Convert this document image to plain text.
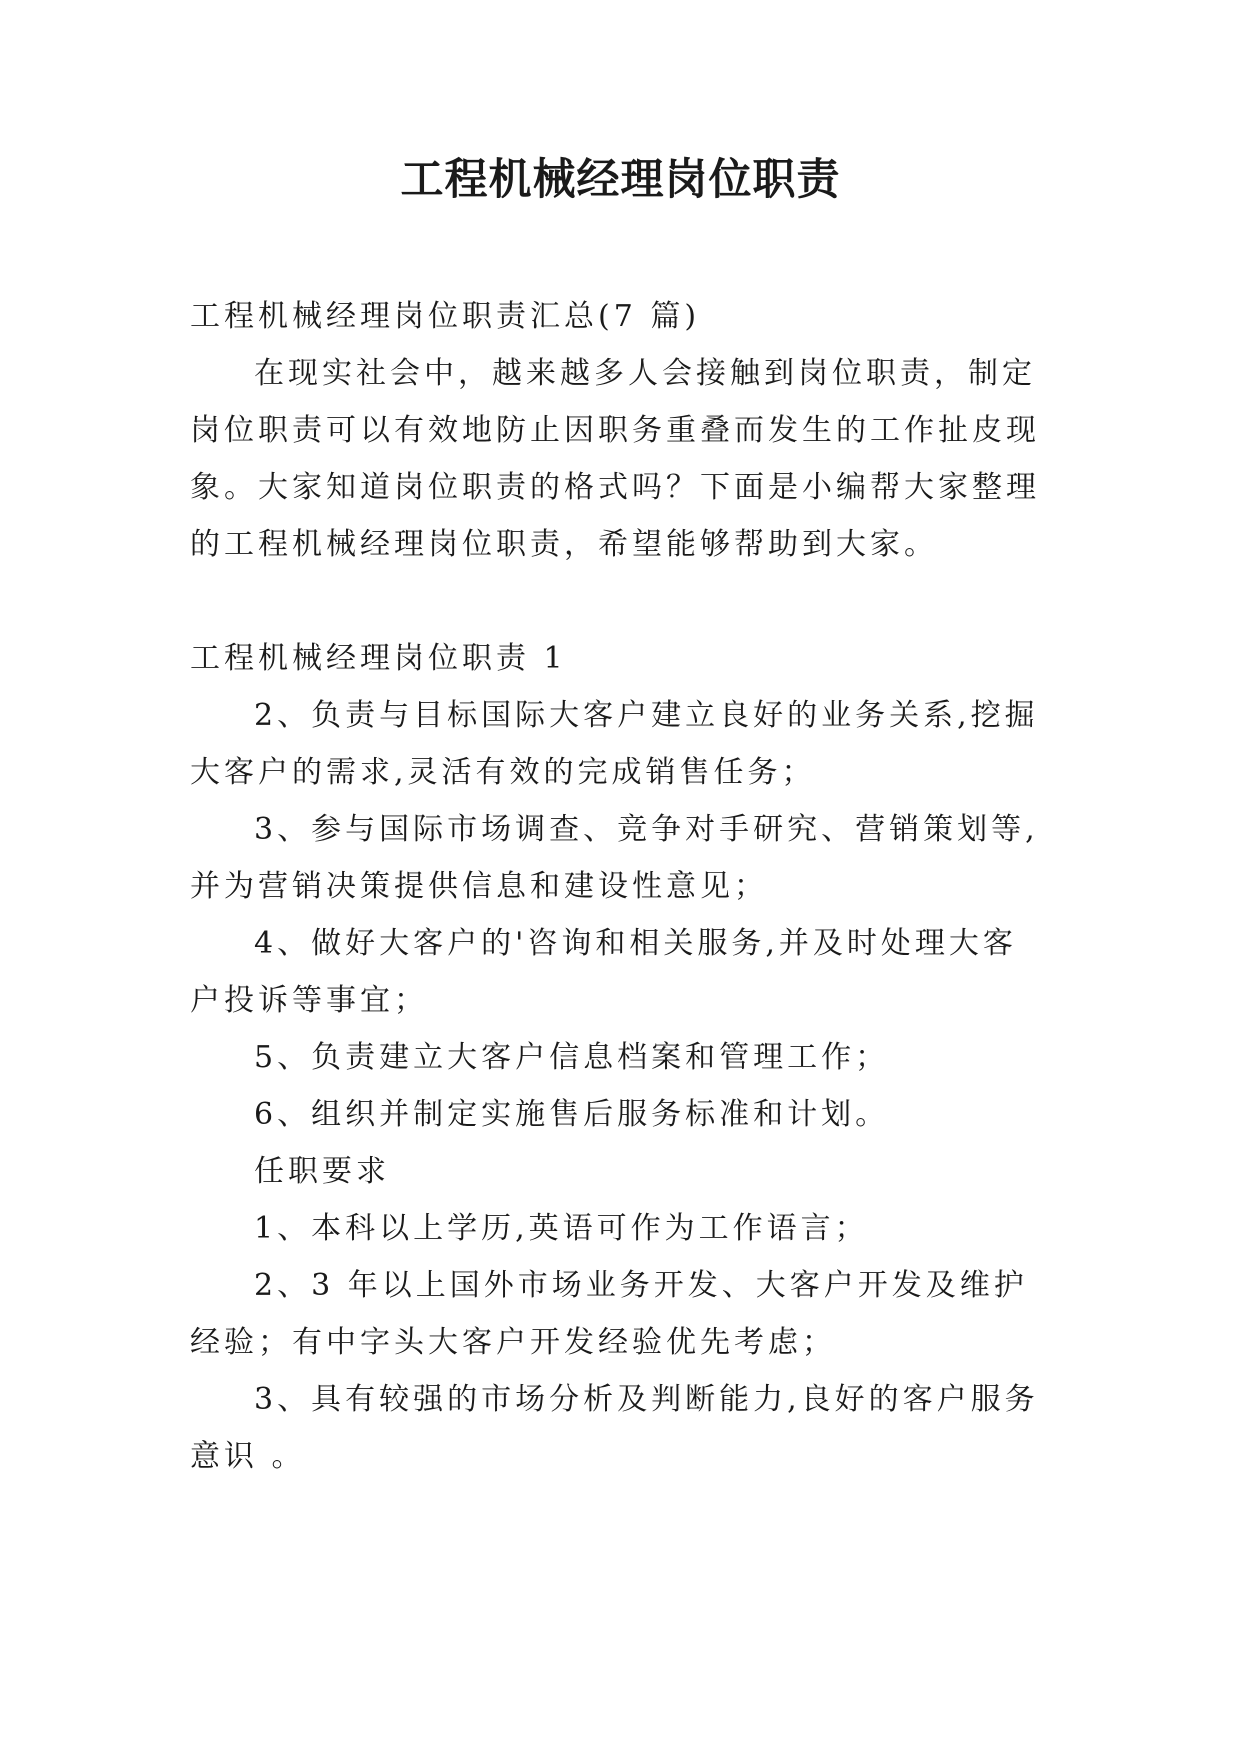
工程机械经理岗位职责

工程机械经理岗位职责汇总(7 篇)

在现实社会中，越来越多人会接触到岗位职责，制定岗位职责可以有效地防止因职务重叠而发生的工作扯皮现象。大家知道岗位职责的格式吗？下面是小编帮大家整理的工程机械经理岗位职责，希望能够帮助到大家。

工程机械经理岗位职责 1

2、负责与目标国际大客户建立良好的业务关系,挖掘大客户的需求,灵活有效的完成销售任务；

3、参与国际市场调查、竞争对手研究、营销策划等,并为营销决策提供信息和建设性意见；

4、做好大客户的'咨询和相关服务,并及时处理大客户投诉等事宜；

5、负责建立大客户信息档案和管理工作；

6、组织并制定实施售后服务标准和计划。

任职要求

1、本科以上学历,英语可作为工作语言；

2、3 年以上国外市场业务开发、大客户开发及维护经验；有中字头大客户开发经验优先考虑；

3、具有较强的市场分析及判断能力,良好的客户服务意识 。
